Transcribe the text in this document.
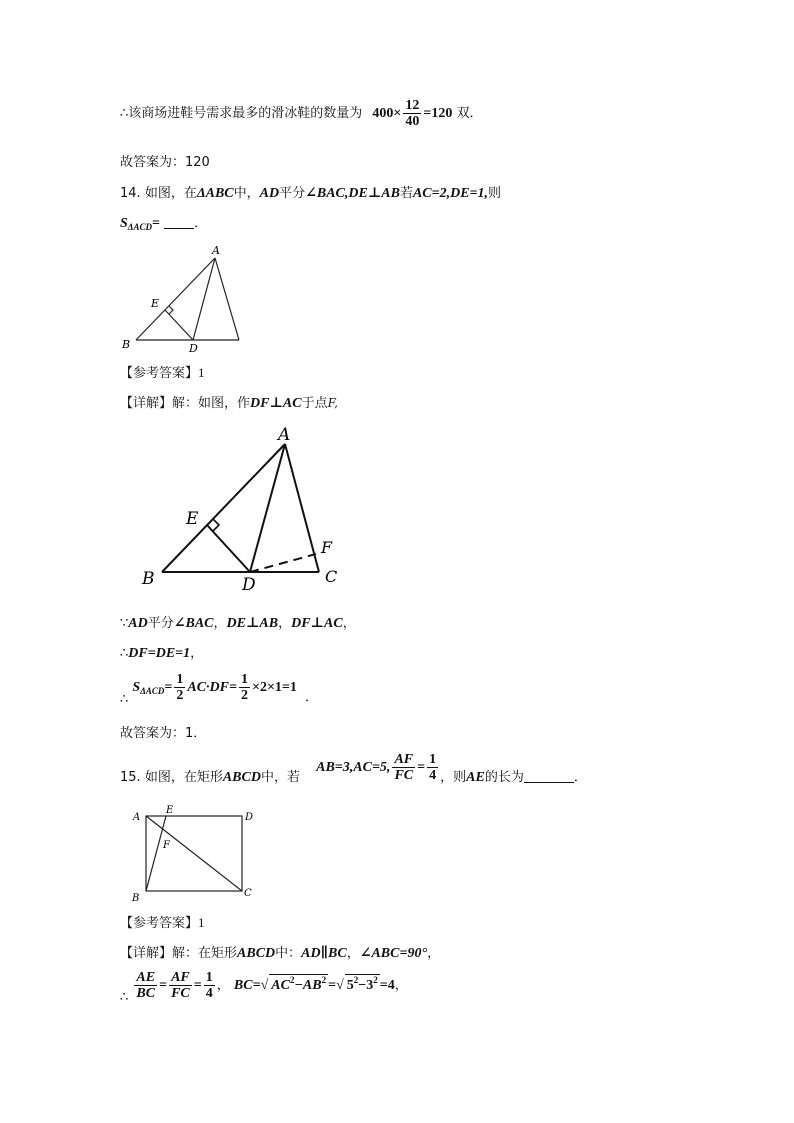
∴该商场进鞋号需求最多的滑冰鞋的数量为 $400\times \frac{12}{40} =120$ 双．
故答案为：120
14. 如图，在ΔABC中，AD平分∠BAC,DE⊥AB若AC=2,DE=1,则
$S_{\Delta ACD}=$	．
A
E
B	D
【参考答案】1
【详解】解：如图，作DF⊥AC于点F,
A
E
B	D
F
C
∵AD平分∠BAC，DE⊥AB，DF⊥AC，
∴DF=DE=1，
∴ $S_{\Delta ACD}= \frac{1}{2} AC\cdot DF= \frac{1}{2} \times 2\times 1=1$ ．
故答案为：1．
15. 如图，在矩形ABCD中，若 AB=3,AC=5, $\frac{AF}{FC} = \frac{1}{4}$ ，则AE的长为	．
A
E
D
F
B	C
【参考答案】1
【详解】解：在矩形ABCD中：AD∥BC，∠ABC=90°，
∴ $\frac{AE}{BC} = \frac{AF}{FC} = \frac{1}{4}$ ， BC=√ $AC^2-AB^2$ =√ $5^2-3^2 =4$，
